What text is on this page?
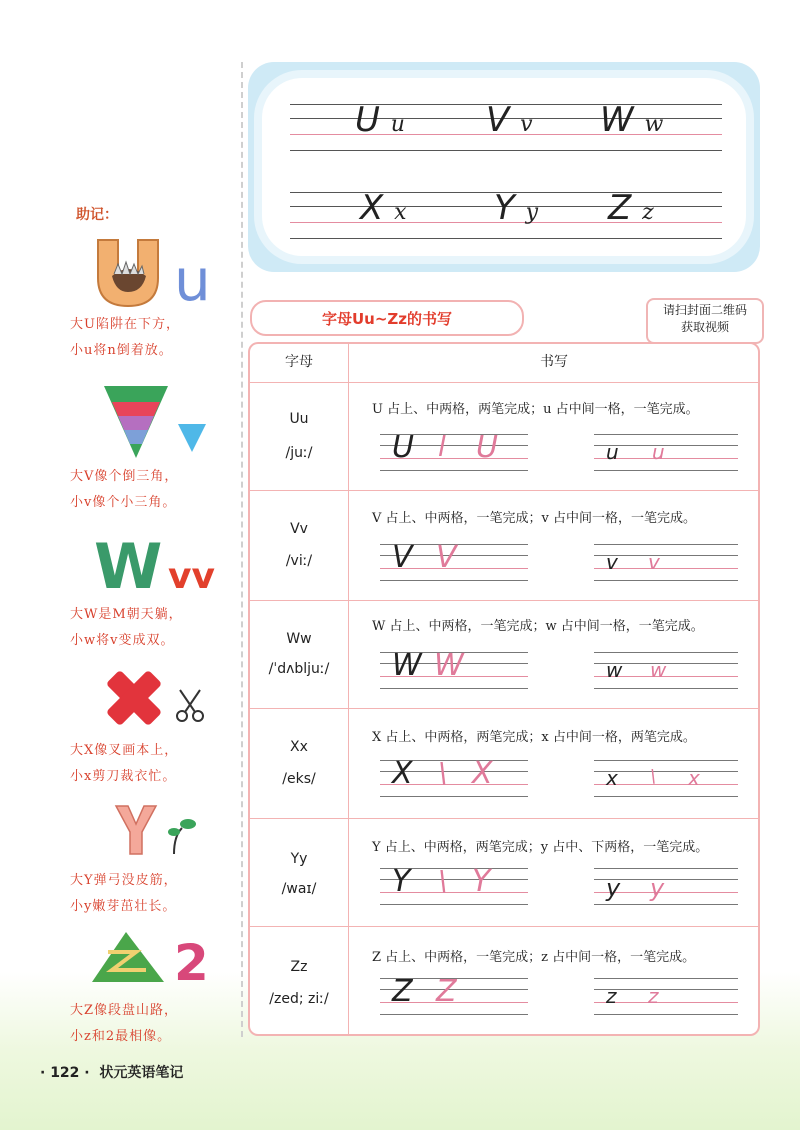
助记：
u
大U陷阱在下方，
小u将n倒着放。
大V像个倒三角，
小v像个小三角。
W vv
大W是M朝天躺，
小w将v变成双。
大X像叉画本上，
小x剪刀裁衣忙。
大Y弹弓没皮筋，
小y嫩芽茁壮长。
2
大Z像段盘山路，
小z和2最相像。
U u V v W w
X x	Y y Z z
字母Uu~Zz的书写	请扫封面二维码
获取视频
字母	书写
Uu
/juː/
U 占上、中两格，两笔完成；u 占中间一格，一笔完成。
U l U	u u
Vv
/viː/
V 占上、中两格，一笔完成；v 占中间一格，一笔完成。
V V	v v
Ww
/ˈdʌbljuː/
W 占上、中两格，一笔完成；w 占中间一格，一笔完成。
W W	w w
Xx
/eks/
X 占上、中两格，两笔完成；x 占中间一格，两笔完成。
X \ X	x \ x
Yy
/waɪ/
Y 占上、中两格，两笔完成；y 占中、下两格，一笔完成。
Y \ Y	y y
Zz
/zed; ziː/
Z 占上、中两格，一笔完成；z 占中间一格，一笔完成。
Z Z	z z
· 122 · 状元英语笔记
